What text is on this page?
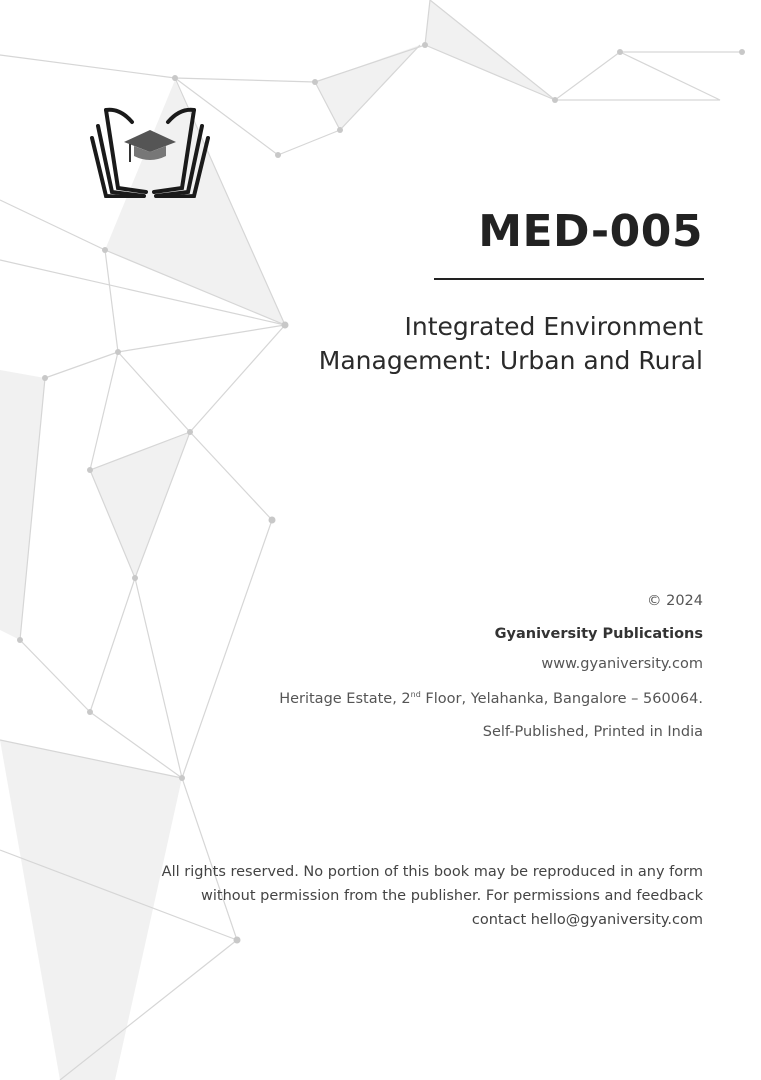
MED-005
Integrated Environment Management: Urban and Rural
© 2024
Gyaniversity Publications
www.gyaniversity.com
Heritage Estate, 2nd Floor, Yelahanka, Bangalore – 560064.
Self-Published, Printed in India
All rights reserved. No portion of this book may be reproduced in any form without permission from the publisher. For permissions and feedback contact hello@gyaniversity.com
